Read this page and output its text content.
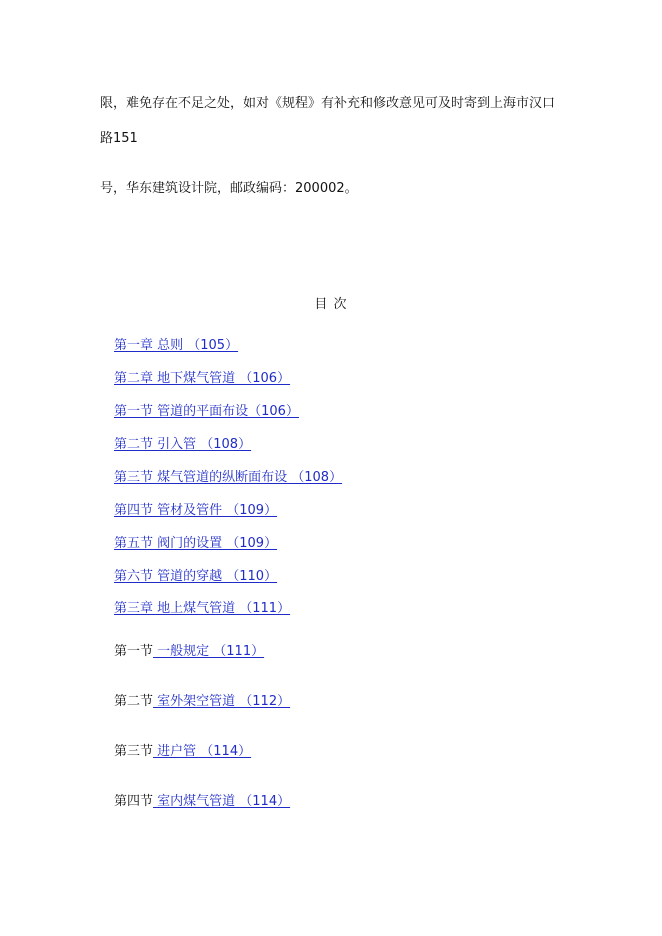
限，难免存在不足之处，如对《规程》有补充和修改意见可及时寄到上海市汉口
路151
号，华东建筑设计院，邮政编码：200002。
目 次
第一章 总则 （105）
第二章 地下煤气管道 （106）
第一节 管道的平面布设（106）
第二节 引入管 （108）
第三节 煤气管道的纵断面布设 （108）
第四节 管材及管件 （109）
第五节 阀门的设置 （109）
第六节 管道的穿越 （110）
第三章 地上煤气管道 （111）
第一节 一般规定 （111）
第二节 室外架空管道 （112）
第三节 进户管 （114）
第四节 室内煤气管道 （114）
